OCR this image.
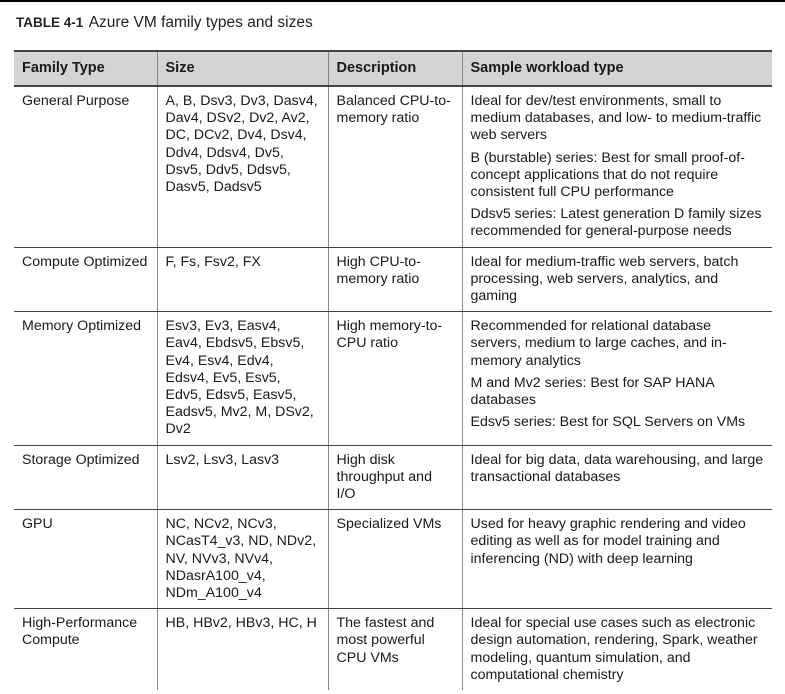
TABLE 4-1 Azure VM family types and sizes
Family Type	Size	Description	Sample workload type
General Purpose	A, B, Dsv3, Dv3, Dasv4, Dav4, DSv2, Dv2, Av2, DC, DCv2, Dv4, Dsv4, Ddv4, Ddsv4, Dv5, Dsv5, Ddv5, Ddsv5, Dasv5, Dadsv5	Balanced CPU-to-memory ratio	Ideal for dev/test environments, small to medium databases, and low- to medium-traffic web servers
B (burstable) series: Best for small proof-of-concept applications that do not require consistent full CPU performance
Ddsv5 series: Latest generation D family sizes recommended for general-purpose needs

Compute Optimized	F, Fs, Fsv2, FX	High CPU-to-memory ratio	Ideal for medium-traffic web servers, batch processing, web servers, analytics, and gaming

Memory Optimized	Esv3, Ev3, Easv4, Eav4, Ebdsv5, Ebsv5, Ev4, Esv4, Edv4, Edsv4, Ev5, Esv5, Edv5, Edsv5, Easv5, Eadsv5, Mv2, M, DSv2, Dv2	High memory-to-CPU ratio	Recommended for relational database servers, medium to large caches, and in-memory analytics
M and Mv2 series: Best for SAP HANA databases
Edsv5 series: Best for SQL Servers on VMs

Storage Optimized	Lsv2, Lsv3, Lasv3	High disk throughput and I/O	Ideal for big data, data warehousing, and large transactional databases

GPU	NC, NCv2, NCv3, NCasT4_v3, ND, NDv2, NV, NVv3, NVv4, NDasrA100_v4, NDm_A100_v4	Specialized VMs	Used for heavy graphic rendering and video editing as well as for model training and inferencing (ND) with deep learning

High-Performance Compute	HB, HBv2, HBv3, HC, H	The fastest and most powerful CPU VMs	Ideal for special use cases such as electronic design automation, rendering, Spark, weather modeling, quantum simulation, and computational chemistry
